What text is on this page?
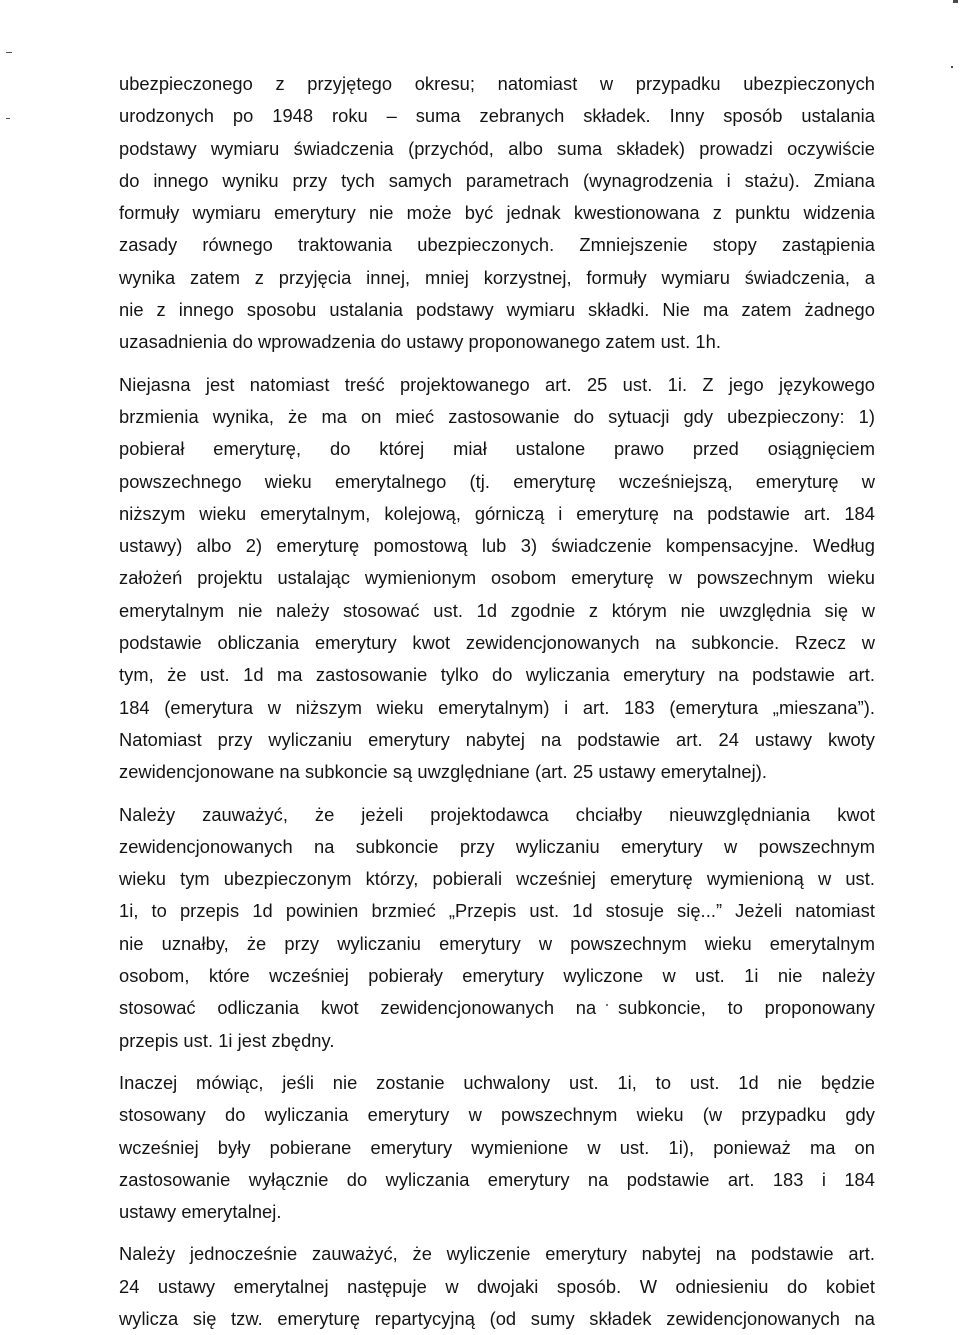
ubezpieczonego z przyjętego okresu; natomiast w przypadku ubezpieczonych
urodzonych po 1948 roku – suma zebranych składek. Inny sposób ustalania
podstawy wymiaru świadczenia (przychód, albo suma składek) prowadzi oczywiście
do innego wyniku przy tych samych parametrach (wynagrodzenia i stażu). Zmiana
formuły wymiaru emerytury nie może być jednak kwestionowana z punktu widzenia
zasady równego traktowania ubezpieczonych. Zmniejszenie stopy zastąpienia
wynika zatem z przyjęcia innej, mniej korzystnej, formuły wymiaru świadczenia, a
nie z innego sposobu ustalania podstawy wymiaru składki. Nie ma zatem żadnego
uzasadnienia do wprowadzenia do ustawy proponowanego zatem ust. 1h.

Niejasna jest natomiast treść projektowanego art. 25 ust. 1i. Z jego językowego
brzmienia wynika, że ma on mieć zastosowanie do sytuacji gdy ubezpieczony: 1)
pobierał emeryturę, do której miał ustalone prawo przed osiągnięciem
powszechnego wieku emerytalnego (tj. emeryturę wcześniejszą, emeryturę w
niższym wieku emerytalnym, kolejową, górniczą i emeryturę na podstawie art. 184
ustawy) albo 2) emeryturę pomostową lub 3) świadczenie kompensacyjne. Według
założeń projektu ustalając wymienionym osobom emeryturę w powszechnym wieku
emerytalnym nie należy stosować ust. 1d zgodnie z którym nie uwzględnia się w
podstawie obliczania emerytury kwot zewidencjonowanych na subkoncie. Rzecz w
tym, że ust. 1d ma zastosowanie tylko do wyliczania emerytury na podstawie art.
184 (emerytura w niższym wieku emerytalnym) i art. 183 (emerytura „mieszana”).
Natomiast przy wyliczaniu emerytury nabytej na podstawie art. 24 ustawy kwoty
zewidencjonowane na subkoncie są uwzględniane (art. 25 ustawy emerytalnej).

Należy zauważyć, że jeżeli projektodawca chciałby nieuwzględniania kwot
zewidencjonowanych na subkoncie przy wyliczaniu emerytury w powszechnym
wieku tym ubezpieczonym którzy, pobierali wcześniej emeryturę wymienioną w ust.
1i, to przepis 1d powinien brzmieć „Przepis ust. 1d stosuje się...” Jeżeli natomiast
nie uznałby, że przy wyliczaniu emerytury w powszechnym wieku emerytalnym
osobom, które wcześniej pobierały emerytury wyliczone w ust. 1i nie należy
stosować odliczania kwot zewidencjonowanych na subkoncie, to proponowany
przepis ust. 1i jest zbędny.

Inaczej mówiąc, jeśli nie zostanie uchwalony ust. 1i, to ust. 1d nie będzie
stosowany do wyliczania emerytury w powszechnym wieku (w przypadku gdy
wcześniej były pobierane emerytury wymienione w ust. 1i), ponieważ ma on
zastosowanie wyłącznie do wyliczania emerytury na podstawie art. 183 i 184
ustawy emerytalnej.

Należy jednocześnie zauważyć, że wyliczenie emerytury nabytej na podstawie art.
24 ustawy emerytalnej następuje w dwojaki sposób. W odniesieniu do kobiet
wylicza się tzw. emeryturę repartycyjną (od sumy składek zewidencjonowanych na
